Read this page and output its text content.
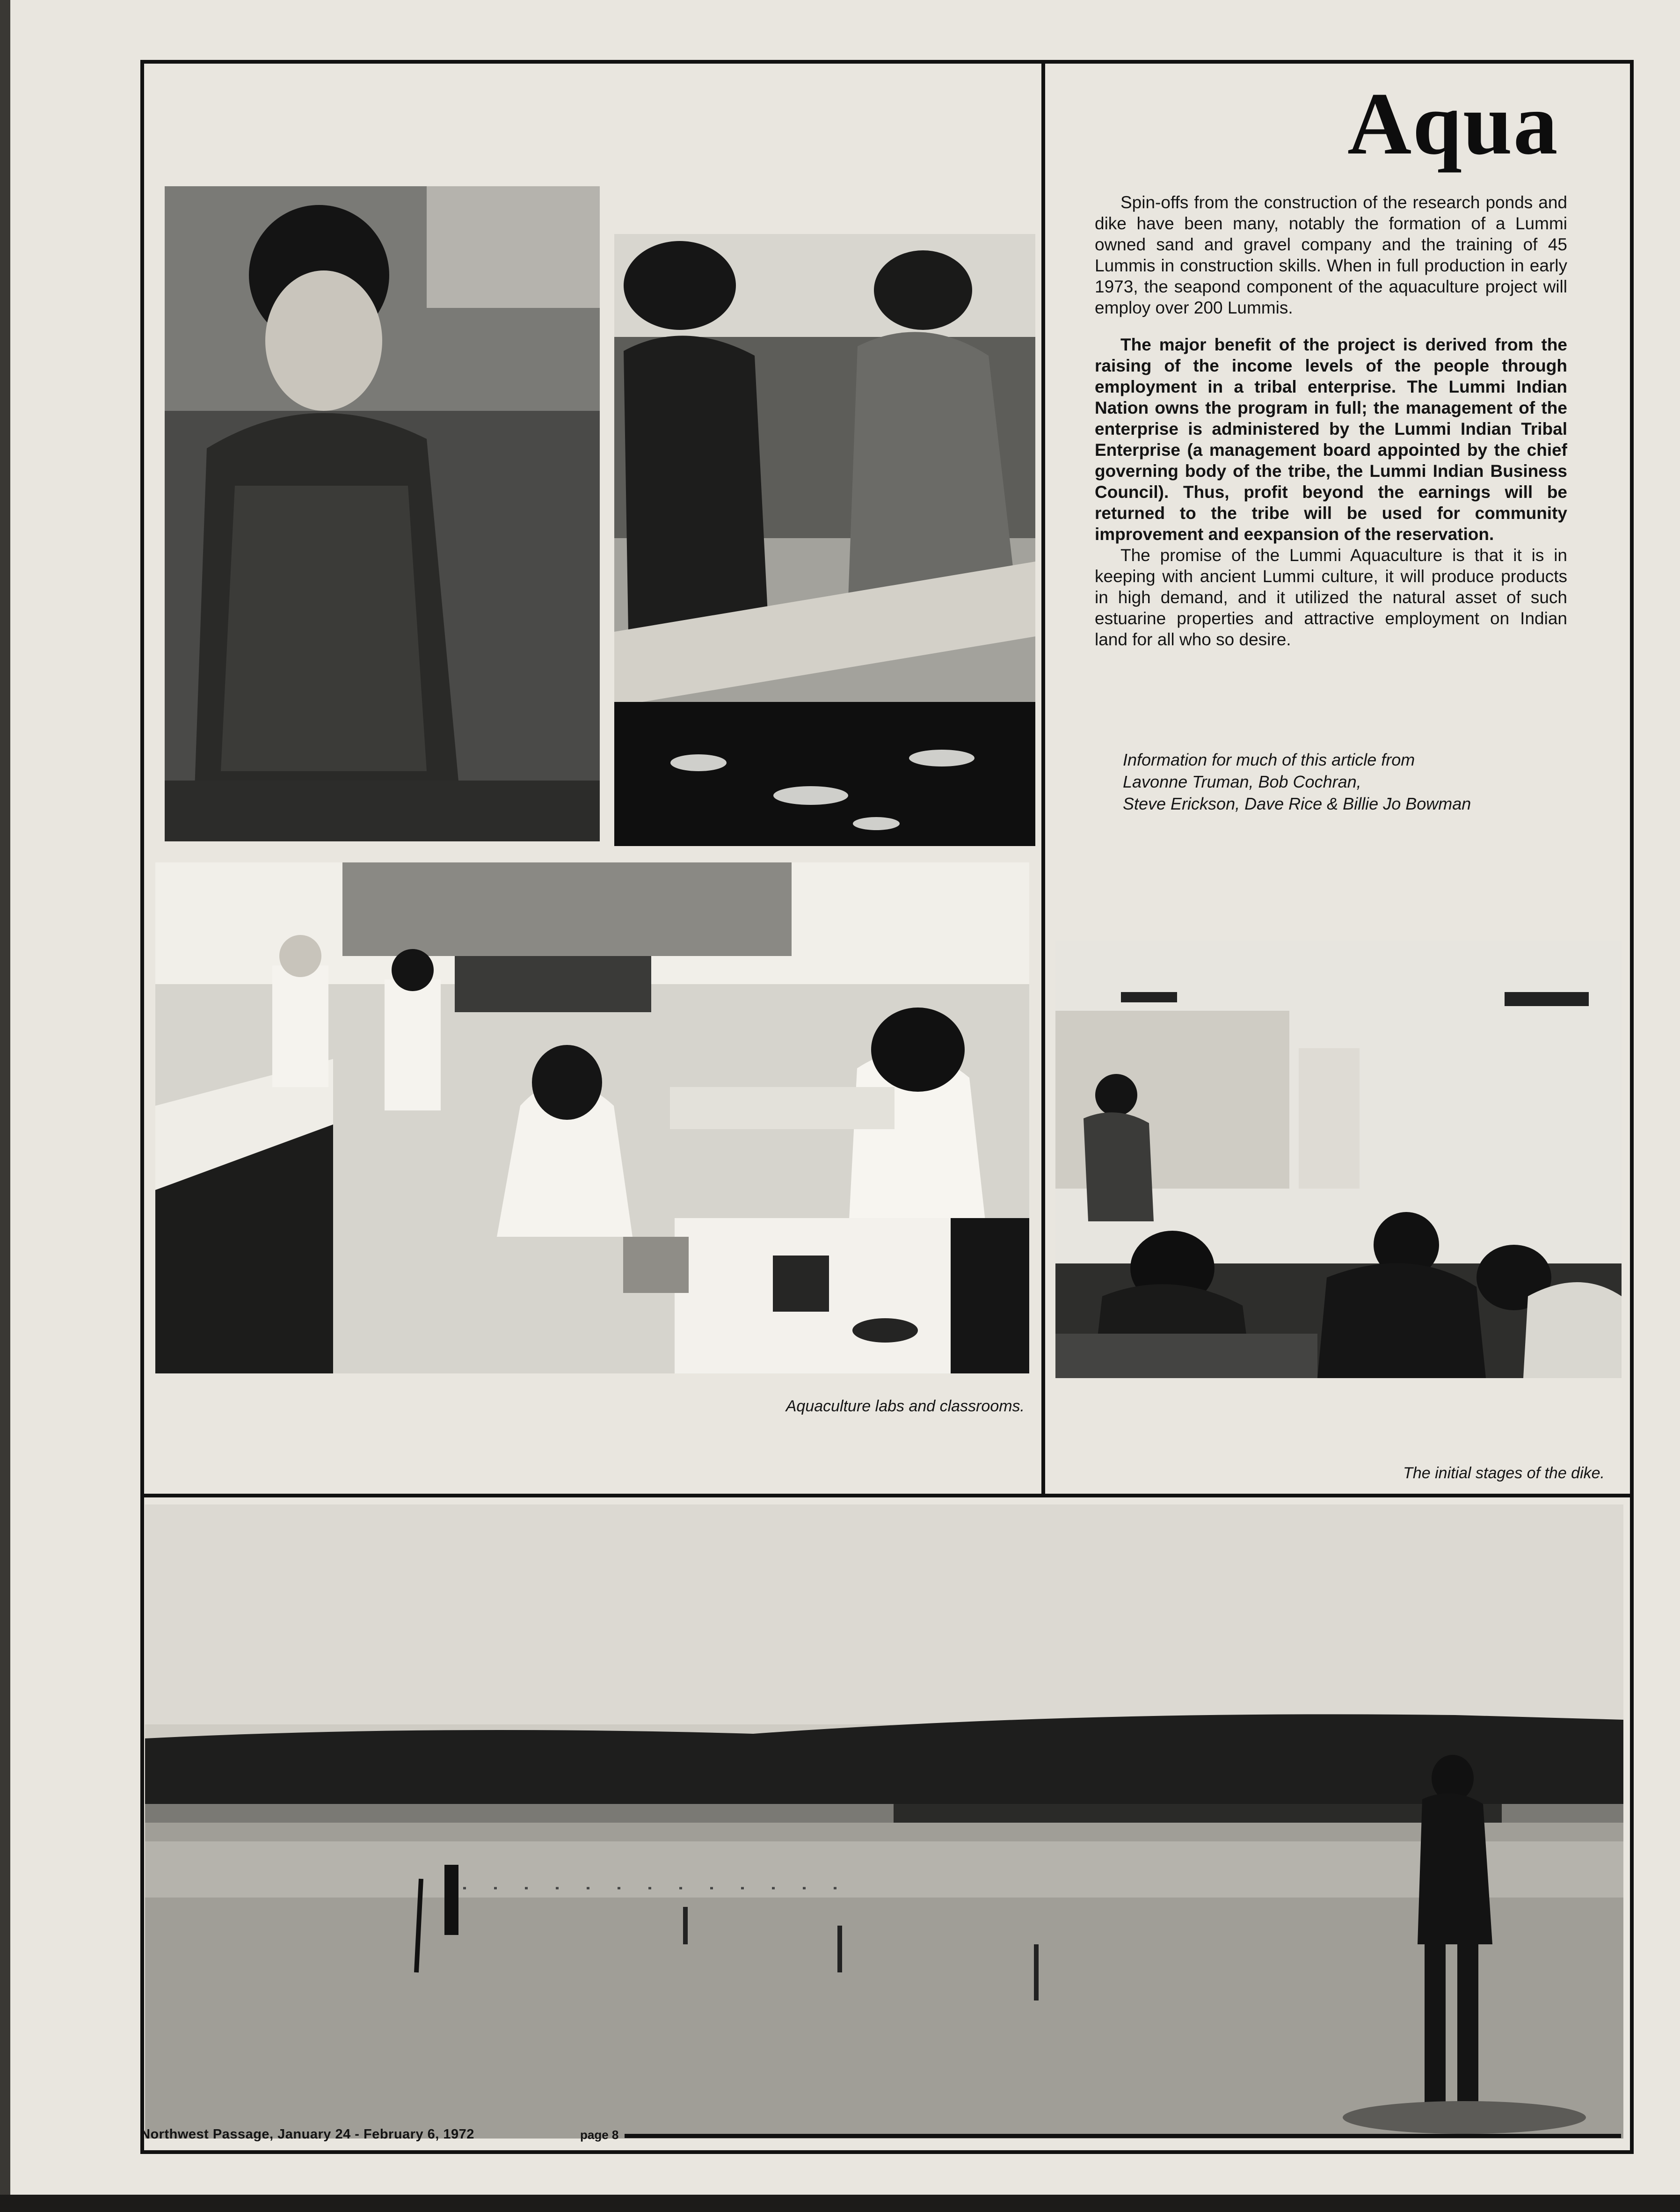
Aqua

Spin-offs from the construction of the research ponds and dike have been many, notably the formation of a Lummi owned sand and gravel company and the training of 45 Lummis in construction skills. When in full production in early 1973, the seapond component of the aquaculture project will employ over 200 Lummis.

The major benefit of the project is derived from the raising of the income levels of the people through employment in a tribal enterprise. The Lummi Indian Nation owns the program in full; the management of the enterprise is administered by the Lummi Indian Tribal Enterprise (a management board appointed by the chief governing body of the tribe, the Lummi Indian Business Council). Thus, profit beyond the earnings will be returned to the tribe will be used for community improvement and eexpansion of the reservation.

The promise of the Lummi Aquaculture is that it is in keeping with ancient Lummi culture, it will produce products in high demand, and it utilized the natural asset of such estuarine properties and attractive employment on Indian land for all who so desire.

Information for much of this article from
Lavonne Truman, Bob Cochran,
Steve Erickson, Dave Rice & Billie Jo Bowman
Aquaculture labs and classrooms.
The initial stages of the dike.
Northwest Passage, January 24 - February 6, 1972	page 8
